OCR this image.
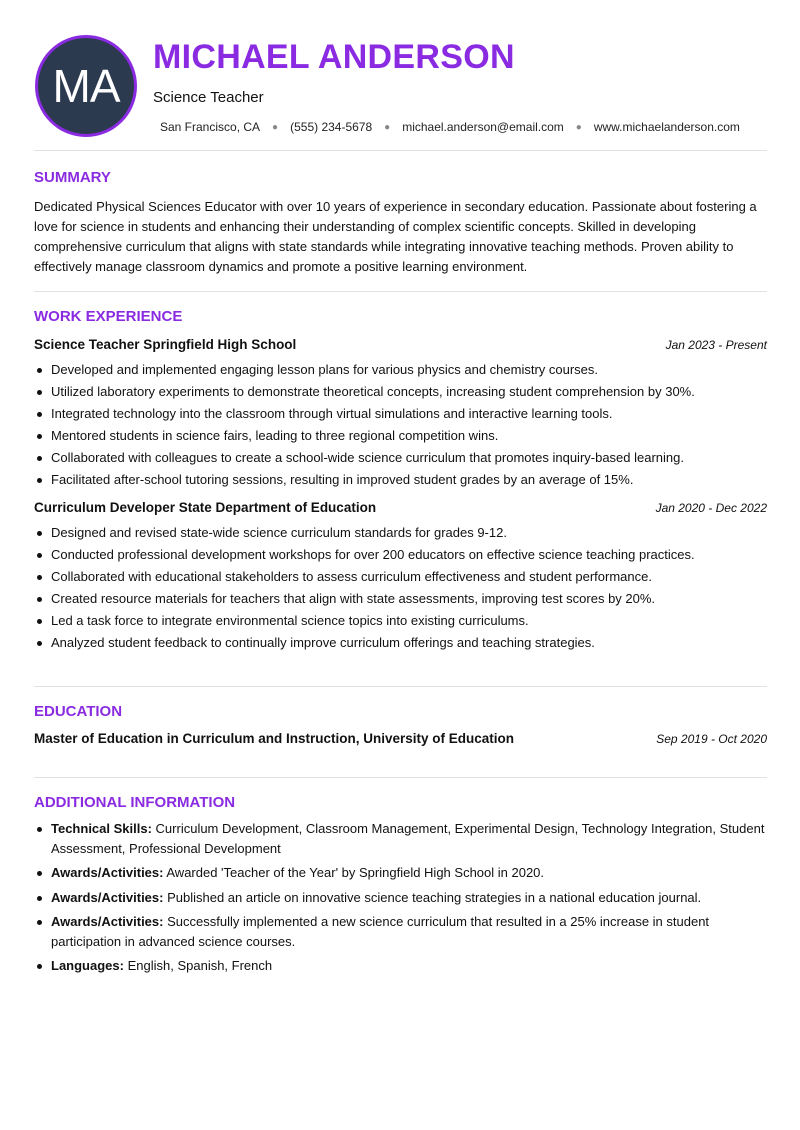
MA
MICHAEL ANDERSON
Science Teacher
San Francisco, CA ● (555) 234-5678 ● michael.anderson@email.com ● www.michaelanderson.com
SUMMARY

Dedicated Physical Sciences Educator with over 10 years of experience in secondary education. Passionate about fostering a love for science in students and enhancing their understanding of complex scientific concepts. Skilled in developing comprehensive curriculum that aligns with state standards while integrating innovative teaching methods. Proven ability to effectively manage classroom dynamics and promote a positive learning environment.

WORK EXPERIENCE
Science Teacher Springfield High School	Jan 2023 - Present
Developed and implemented engaging lesson plans for various physics and chemistry courses.
Utilized laboratory experiments to demonstrate theoretical concepts, increasing student comprehension by 30%.
Integrated technology into the classroom through virtual simulations and interactive learning tools.
Mentored students in science fairs, leading to three regional competition wins.
Collaborated with colleagues to create a school-wide science curriculum that promotes inquiry-based learning.
Facilitated after-school tutoring sessions, resulting in improved student grades by an average of 15%.
Curriculum Developer State Department of Education	Jan 2020 - Dec 2022
Designed and revised state-wide science curriculum standards for grades 9-12.
Conducted professional development workshops for over 200 educators on effective science teaching practices.
Collaborated with educational stakeholders to assess curriculum effectiveness and student performance.
Created resource materials for teachers that align with state assessments, improving test scores by 20%.
Led a task force to integrate environmental science topics into existing curriculums.
Analyzed student feedback to continually improve curriculum offerings and teaching strategies.
EDUCATION
Master of Education in Curriculum and Instruction, University of Education	Sep 2019 - Oct 2020
ADDITIONAL INFORMATION
Technical Skills: Curriculum Development, Classroom Management, Experimental Design, Technology Integration, Student Assessment, Professional Development
Awards/Activities: Awarded 'Teacher of the Year' by Springfield High School in 2020.
Awards/Activities: Published an article on innovative science teaching strategies in a national education journal.
Awards/Activities: Successfully implemented a new science curriculum that resulted in a 25% increase in student participation in advanced science courses.
Languages: English, Spanish, French
